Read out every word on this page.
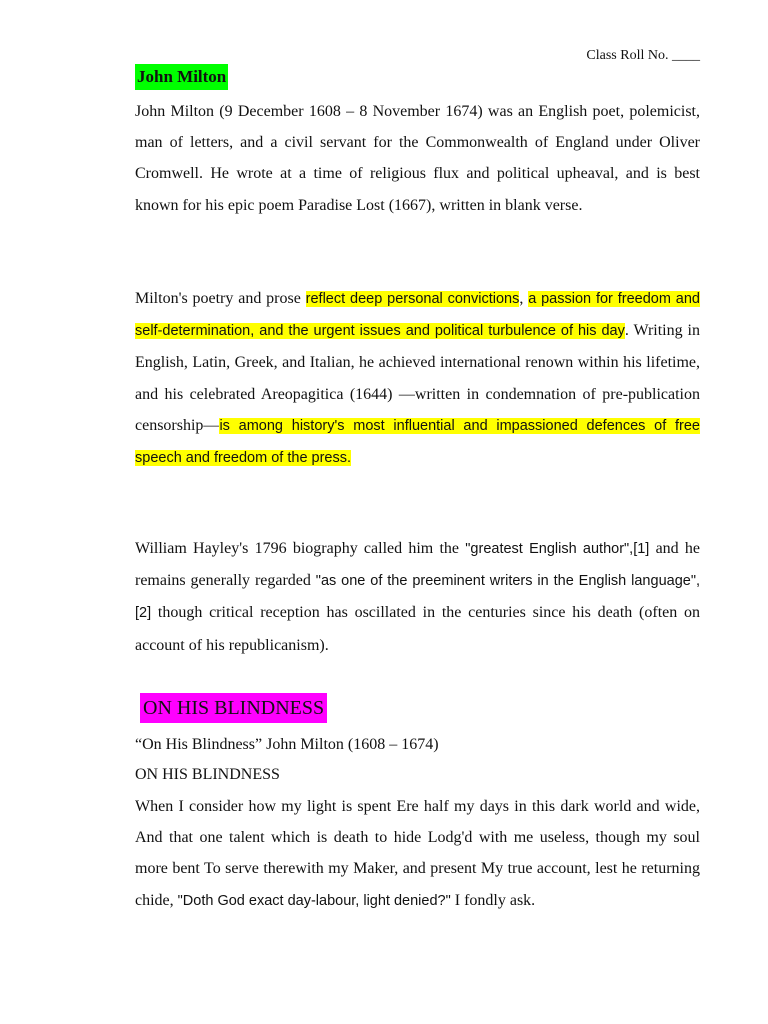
Class Roll No. ____
John Milton

John Milton (9 December 1608 – 8 November 1674) was an English poet, polemicist, man of letters, and a civil servant for the Commonwealth of England under Oliver Cromwell. He wrote at a time of religious flux and political upheaval, and is best known for his epic poem Paradise Lost (1667), written in blank verse.

Milton's poetry and prose reflect deep personal convictions, a passion for freedom and self-determination, and the urgent issues and political turbulence of his day. Writing in English, Latin, Greek, and Italian, he achieved international renown within his lifetime, and his celebrated Areopagitica (1644) —written in condemnation of pre-publication censorship—is among history's most influential and impassioned defences of free speech and freedom of the press.

William Hayley's 1796 biography called him the "greatest English author",[1] and he remains generally regarded "as one of the preeminent writers in the English language",[2] though critical reception has oscillated in the centuries since his death (often on account of his republicanism).

ON HIS BLINDNESS
“On His Blindness” John Milton (1608 – 1674)
ON HIS BLINDNESS

When I consider how my light is spent Ere half my days in this dark world and wide, And that one talent which is death to hide Lodg'd with me useless, though my soul more bent To serve therewith my Maker, and present My true account, lest he returning chide, "Doth God exact day-labour, light denied?" I fondly ask.
